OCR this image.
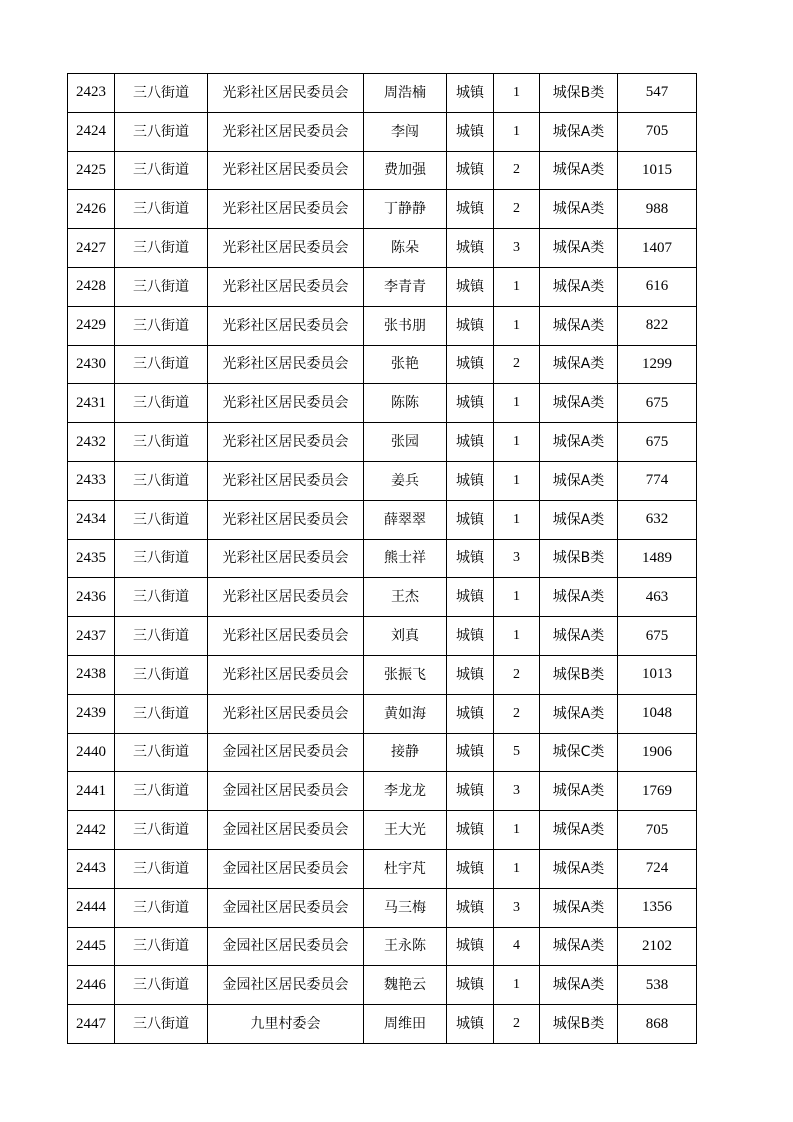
2423	三八街道	光彩社区居民委员会	周浩楠	城镇	1	城保B类	547
2424	三八街道	光彩社区居民委员会	李闯	城镇	1	城保A类	705
2425	三八街道	光彩社区居民委员会	费加强	城镇	2	城保A类	1015
2426	三八街道	光彩社区居民委员会	丁静静	城镇	2	城保A类	988
2427	三八街道	光彩社区居民委员会	陈朵	城镇	3	城保A类	1407
2428	三八街道	光彩社区居民委员会	李青青	城镇	1	城保A类	616
2429	三八街道	光彩社区居民委员会	张书朋	城镇	1	城保A类	822
2430	三八街道	光彩社区居民委员会	张艳	城镇	2	城保A类	1299
2431	三八街道	光彩社区居民委员会	陈陈	城镇	1	城保A类	675
2432	三八街道	光彩社区居民委员会	张园	城镇	1	城保A类	675
2433	三八街道	光彩社区居民委员会	姜兵	城镇	1	城保A类	774
2434	三八街道	光彩社区居民委员会	薛翠翠	城镇	1	城保A类	632
2435	三八街道	光彩社区居民委员会	熊士祥	城镇	3	城保B类	1489
2436	三八街道	光彩社区居民委员会	王杰	城镇	1	城保A类	463
2437	三八街道	光彩社区居民委员会	刘真	城镇	1	城保A类	675
2438	三八街道	光彩社区居民委员会	张振飞	城镇	2	城保B类	1013
2439	三八街道	光彩社区居民委员会	黄如海	城镇	2	城保A类	1048
2440	三八街道	金园社区居民委员会	接静	城镇	5	城保C类	1906
2441	三八街道	金园社区居民委员会	李龙龙	城镇	3	城保A类	1769
2442	三八街道	金园社区居民委员会	王大光	城镇	1	城保A类	705
2443	三八街道	金园社区居民委员会	杜宇芃	城镇	1	城保A类	724
2444	三八街道	金园社区居民委员会	马三梅	城镇	3	城保A类	1356
2445	三八街道	金园社区居民委员会	王永陈	城镇	4	城保A类	2102
2446	三八街道	金园社区居民委员会	魏艳云	城镇	1	城保A类	538
2447	三八街道	九里村委会	周维田	城镇	2	城保B类	868
